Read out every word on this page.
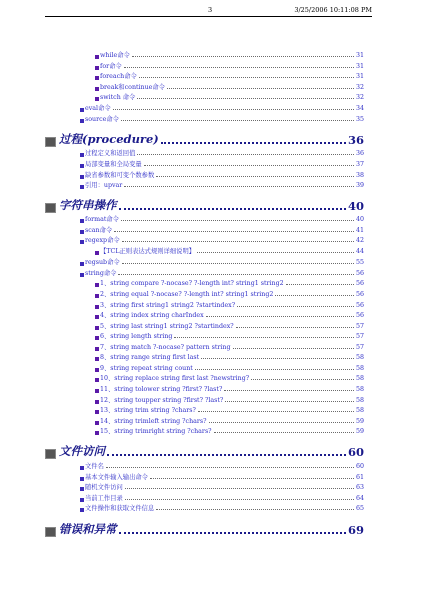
3	3/25/2006 10:11:08 PM
while命令	31
for命令	31
foreach命令	31
break和continue命令	32
switch 命令	32
eval命令	34
source命令	35
过程(procedure)	36
过程定义和返回值	36
局部变量和全局变量	37
缺省参数和可变个数参数	38
引用：upvar	39
字符串操作	40
format命令	40
scan命令	41
regexp命令	42
【TCL正则表达式规则详细说明】	44
regsub命令	55
string命令	56
1、string compare ?-nocase? ?-length int? string1 string2	56
2、string equal ?-nocase? ?-length int? string1 string2	56
3、string first string1 string2 ?startindex?	56
4、string index string charIndex	56
5、string last string1 string2 ?startindex?	57
6、string length string	57
7、string match ?-nocase? pattern string	57
8、string range string first last	58
9、string repeat string count	58
10、string replace string first last ?newstring?	58
11、string tolower string ?first? ?last?	58
12、string toupper string ?first? ?last?	58
13、string trim string ?chars?	58
14、string trimleft string ?chars?	59
15、string trimright string ?chars?	59
文件访问	60
文件名	60
基本文件输入输出命令	61
随机文件访问	63
当前工作目录	64
文件操作和获取文件信息	65
错误和异常	69
